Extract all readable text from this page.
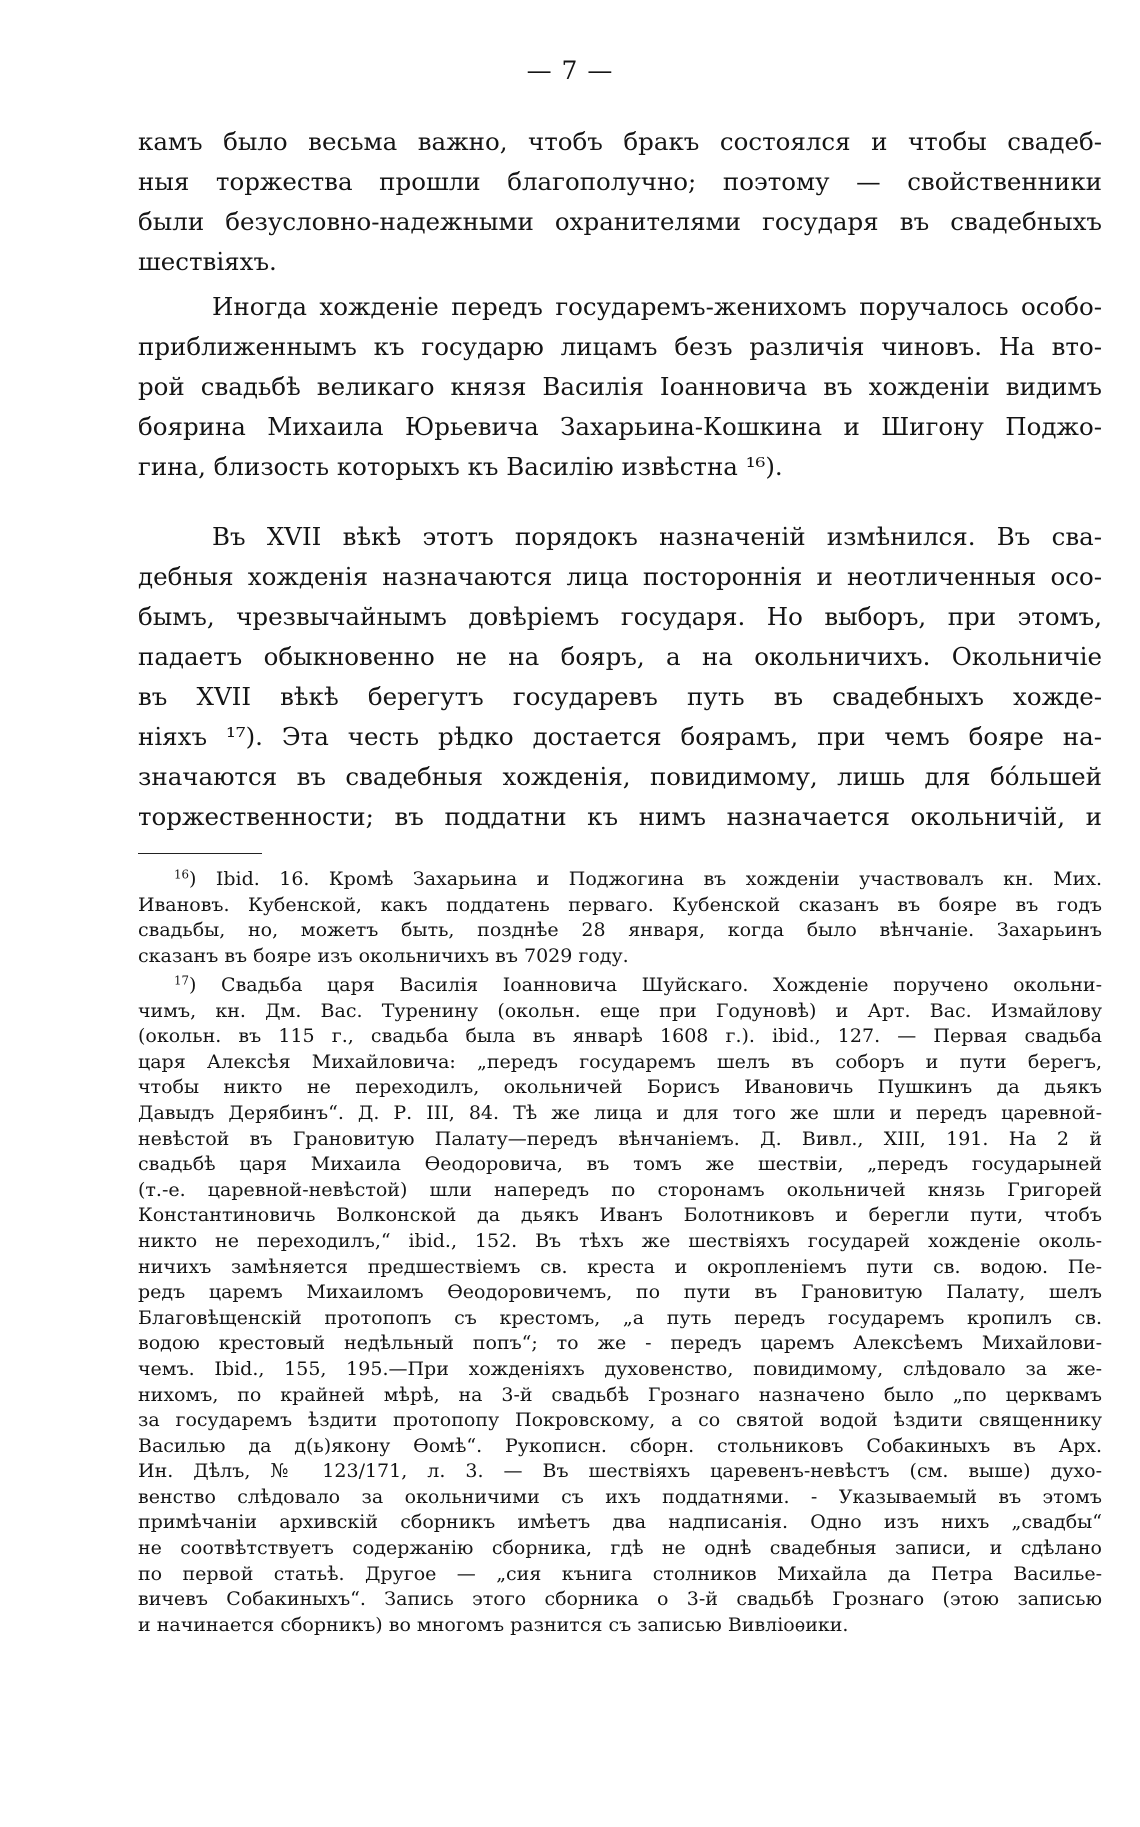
— 7 —

камъ было весьма важно, чтобъ бракъ состоялся и чтобы свадеб-
ныя торжества прошли благополучно; поэтому — свойственники
были безусловно-надежными охранителями государя въ свадебныхъ
шествіяхъ.
Иногда хожденіе передъ государемъ-женихомъ поручалось особо-
приближеннымъ къ государю лицамъ безъ различія чиновъ. На вто-
рой свадьбѣ великаго князя Василія Іоанновича въ хожденіи видимъ
боярина Михаила Юрьевича Захарьина-Кошкина и Шигону Поджо-
гина, близость которыхъ къ Василію извѣстна ¹⁶).
Въ XVII вѣкѣ этотъ порядокъ назначеній измѣнился. Въ сва-
дебныя хожденія назначаются лица постороннія и неотличенныя осо-
бымъ, чрезвычайнымъ довѣріемъ государя. Но выборъ, при этомъ,
падаетъ обыкновенно не на бояръ, а на окольничихъ. Окольничіе
въ XVII вѣкѣ берегутъ государевъ путь въ свадебныхъ хожде-
ніяхъ ¹⁷). Эта честь рѣдко достается боярамъ, при чемъ бояре на-
значаются въ свадебныя хожденія, повидимому, лишь для бóльшей
торжественности; въ поддатни къ нимъ назначается окольничій, и
$^{16}$) Ibid. 16. Кромѣ Захарьина и Поджогина въ хожденіи участвовалъ кн. Мих.
Ивановъ. Кубенской, какъ поддатень перваго. Кубенской сказанъ въ бояре въ годъ
свадьбы, но, можетъ быть, позднѣе 28 января, когда было вѣнчаніе. Захарьинъ
сказанъ въ бояре изъ окольничихъ въ 7029 году.
$^{17}$) Свадьба царя Василія Іоанновича Шуйскаго. Хожденіе поручено окольни-
чимъ, кн. Дм. Вас. Туренину (окольн. еще при Годуновѣ) и Арт. Вас. Измайлову
(окольн. въ 115 г., свадьба была въ январѣ 1608 г.). ibid., 127. — Первая свадьба
царя Алексѣя Михайловича: „передъ государемъ шелъ въ соборъ и пути берегъ,
чтобы никто не переходилъ, окольничей Борисъ Ивановичь Пушкинъ да дьякъ
Давыдъ Дерябинъ“. Д. Р. III, 84. Тѣ же лица и для того же шли и передъ царевной-
невѣстой въ Грановитую Палату—передъ вѣнчаніемъ. Д. Вивл., XIII, 191. На 2 й
свадьбѣ царя Михаила Ѳеодоровича, въ томъ же шествіи, „передъ государыней
(т.-е. царевной-невѣстой) шли напередъ по сторонамъ окольничей князь Григорей
Константиновичь Волконской да дьякъ Иванъ Болотниковъ и берегли пути, чтобъ
никто не переходилъ,“ ibid., 152. Въ тѣхъ же шествіяхъ государей хожденіе околь-
ничихъ замѣняется предшествіемъ св. креста и окропленіемъ пути св. водою. Пе-
редъ царемъ Михаиломъ Ѳеодоровичемъ, по пути въ Грановитую Палату, шелъ
Благовѣщенскій протопопъ съ крестомъ, „а путь передъ государемъ кропилъ св.
водою крестовый недѣльный попъ“; то же - передъ царемъ Алексѣемъ Михайлови-
чемъ. Ibid., 155, 195.—При хожденіяхъ духовенство, повидимому, слѣдовало за же-
нихомъ, по крайней мѣрѣ, на 3-й свадьбѣ Грознаго назначено было „по церквамъ
за государемъ ѣздити протопопу Покровскому, а со святой водой ѣздити священнику
Василью да д(ь)якону Ѳомѣ“. Рукописн. сборн. стольниковъ Собакиныхъ въ Арх.
Ин. Дѣлъ, № 123/171, л. 3. — Въ шествіяхъ царевенъ-невѣстъ (см. выше) духо-
венство слѣдовало за окольничими съ ихъ поддатнями. - Указываемый въ этомъ
примѣчаніи архивскій сборникъ имѣетъ два надписанія. Одно изъ нихъ „свадбы“
не соотвѣтствуетъ содержанію сборника, гдѣ не однѣ свадебныя записи, и сдѣлано
по первой статьѣ. Другое — „сия кънига столников Михайла да Петра Василье-
вичевъ Собакиныхъ“. Запись этого сборника о 3-й свадьбѣ Грознаго (этою записью
и начинается сборникъ) во многомъ разнится съ записью Вивліоѳики.
